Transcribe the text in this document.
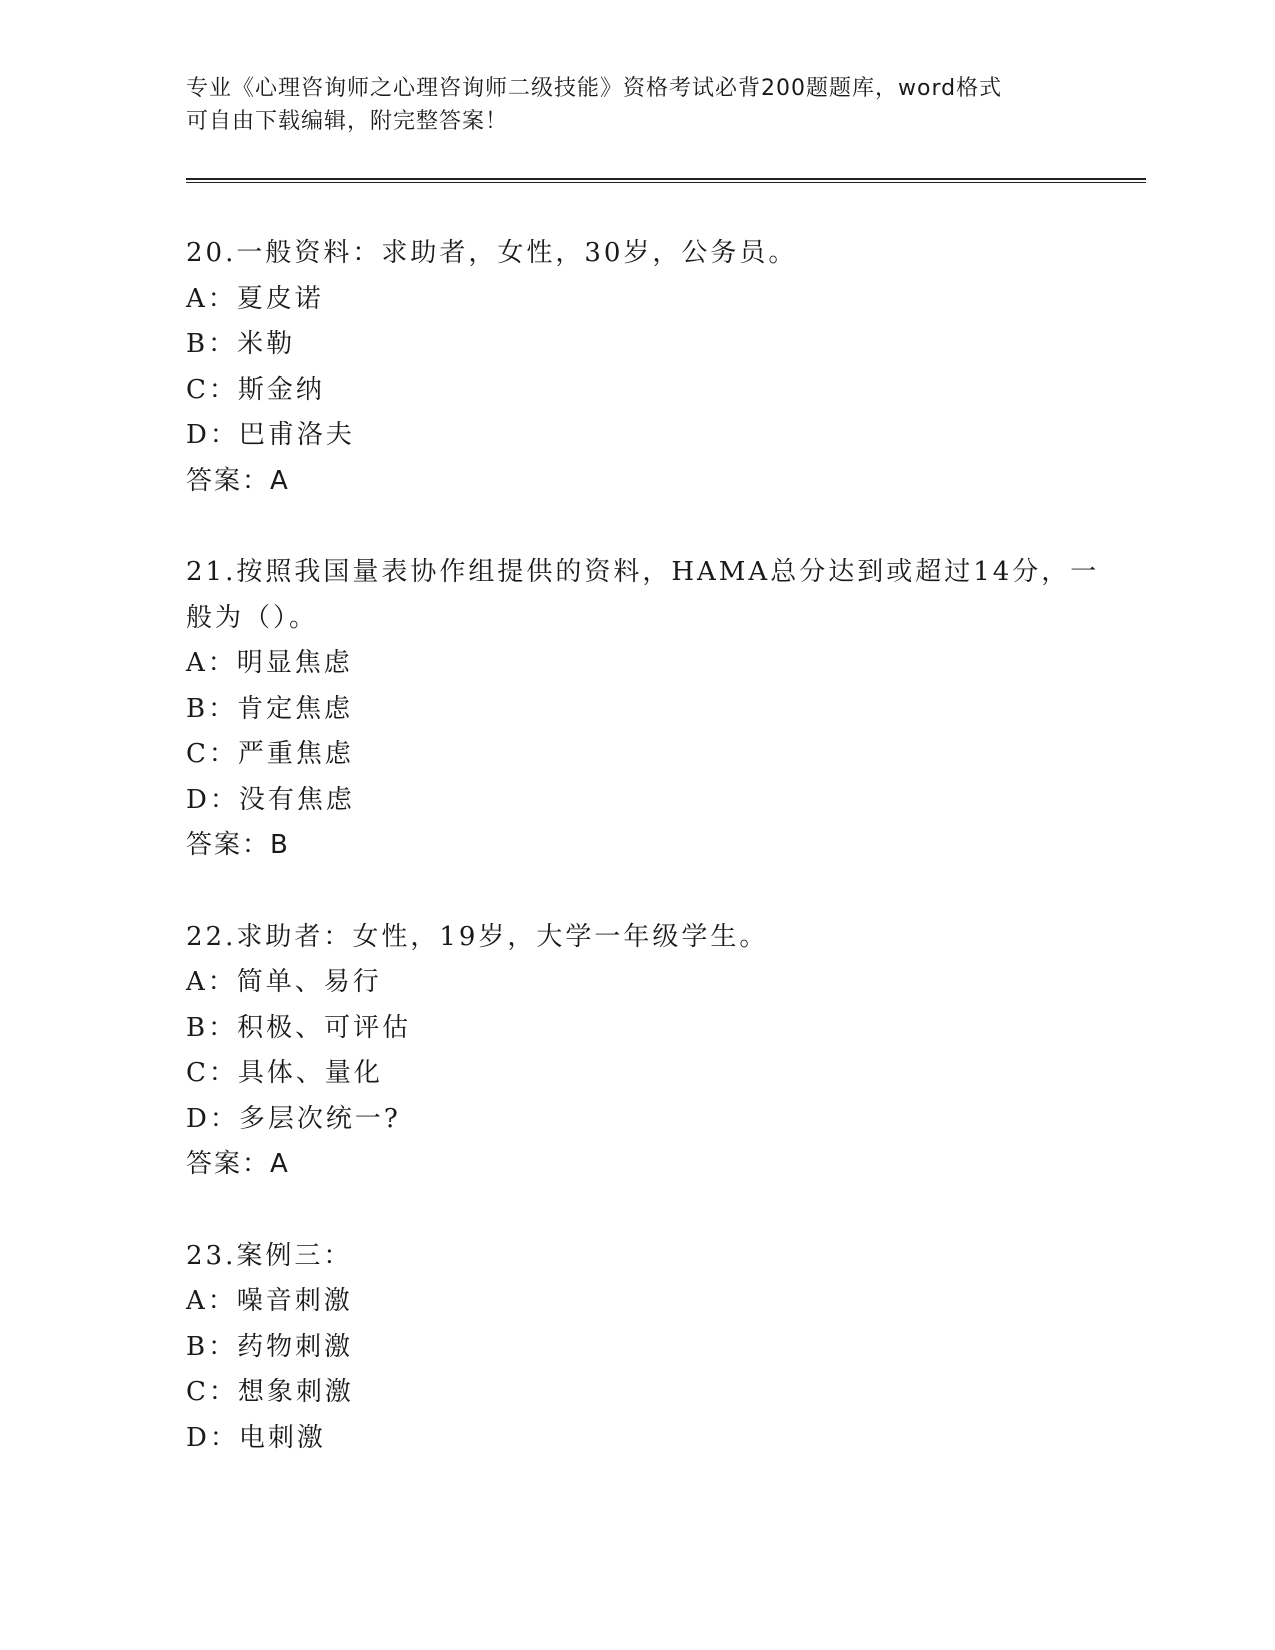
专业《心理咨询师之心理咨询师二级技能》资格考试必背200题题库，word格式
可自由下载编辑，附完整答案！
20.一般资料：求助者，女性，30岁，公务员。
A：夏皮诺
B：米勒
C：斯金纳
D：巴甫洛夫
答案：A
21.按照我国量表协作组提供的资料，HAMA总分达到或超过14分，一
般为（）。
A：明显焦虑
B：肯定焦虑
C：严重焦虑
D：没有焦虑
答案：B
22.求助者：女性，19岁，大学一年级学生。
A：简单、易行
B：积极、可评估
C：具体、量化
D：多层次统一?
答案：A
23.案例三：
A：噪音刺激
B：药物刺激
C：想象刺激
D：电刺激
